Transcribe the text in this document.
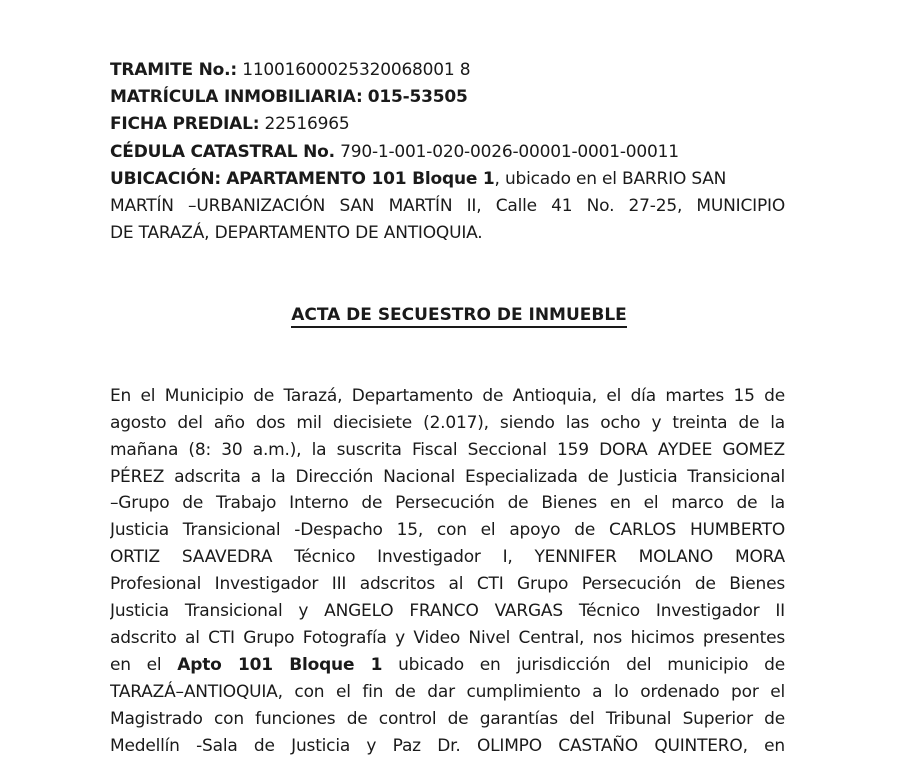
TRAMITE No.: 11001600025320068001 8
MATRÍCULA INMOBILIARIA: 015-53505
FICHA PREDIAL: 22516965
CÉDULA CATASTRAL No. 790-1-001-020-0026-00001-0001-00011
UBICACIÓN: APARTAMENTO 101 Bloque 1, ubicado en el BARRIO SAN
MARTÍN –URBANIZACIÓN SAN MARTÍN II, Calle 41 No. 27-25, MUNICIPIO
DE TARAZÁ, DEPARTAMENTO DE ANTIOQUIA.
ACTA DE SECUESTRO DE INMUEBLE
En el Municipio de Tarazá, Departamento de Antioquia, el día martes 15 de
agosto del año dos mil diecisiete (2.017), siendo las ocho y treinta de la
mañana (8: 30 a.m.), la suscrita Fiscal Seccional 159 DORA AYDEE GOMEZ
PÉREZ adscrita a la Dirección Nacional Especializada de Justicia Transicional
–Grupo de Trabajo Interno de Persecución de Bienes en el marco de la
Justicia Transicional -Despacho 15, con el apoyo de CARLOS HUMBERTO
ORTIZ SAAVEDRA Técnico Investigador I, YENNIFER MOLANO MORA
Profesional Investigador III adscritos al CTI Grupo Persecución de Bienes
Justicia Transicional y ANGELO FRANCO VARGAS Técnico Investigador II
adscrito al CTI Grupo Fotografía y Video Nivel Central, nos hicimos presentes
en el Apto 101 Bloque 1 ubicado en jurisdicción del municipio de
TARAZÁ–ANTIOQUIA, con el fin de dar cumplimiento a lo ordenado por el
Magistrado con funciones de control de garantías del Tribunal Superior de
Medellín -Sala de Justicia y Paz Dr. OLIMPO CASTAÑO QUINTERO, en
